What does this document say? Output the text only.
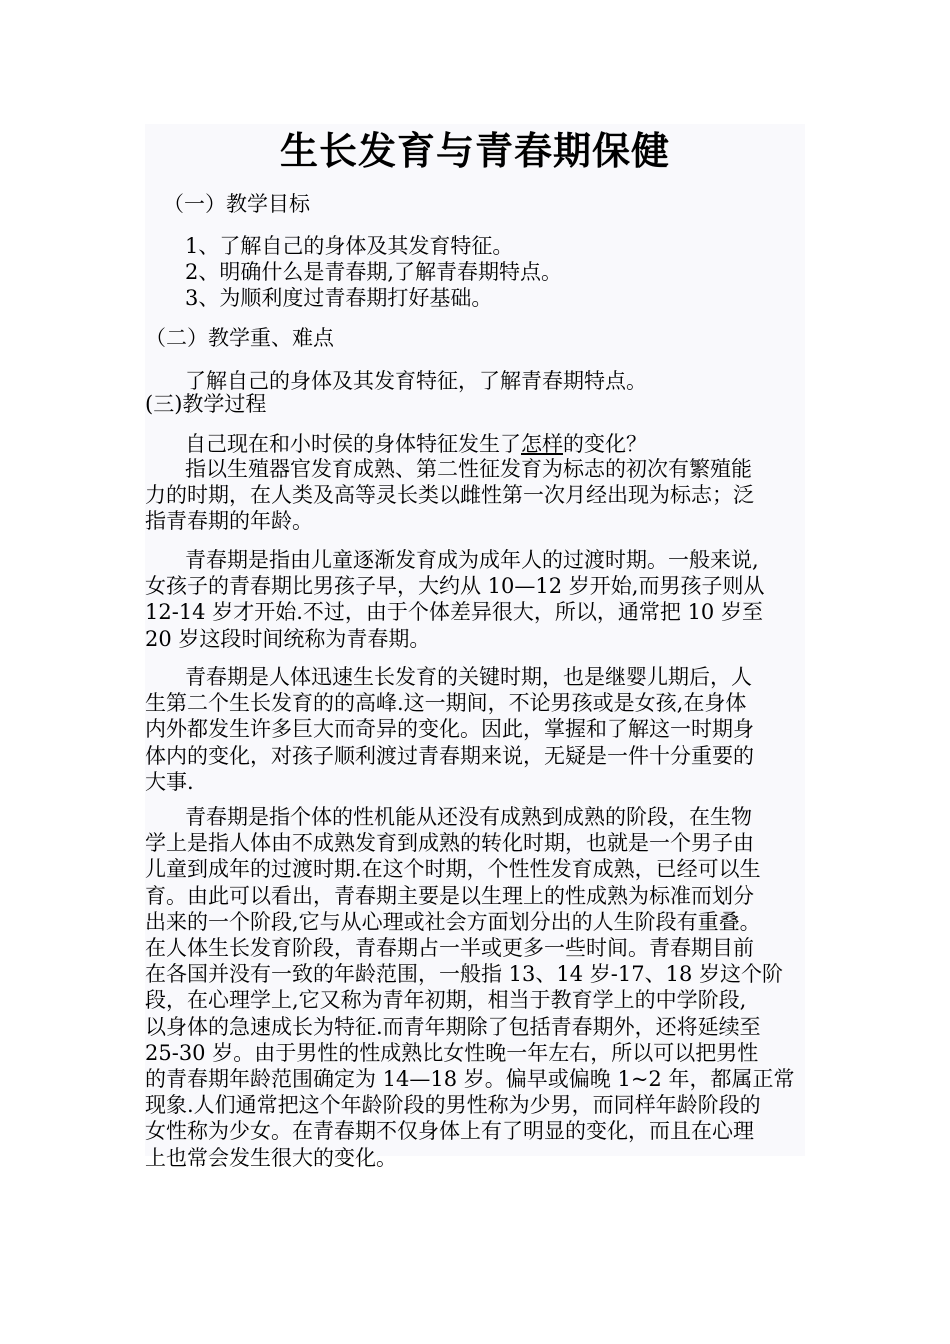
生长发育与青春期保健
（一）教学目标
1、了解自己的身体及其发育特征。
2、明确什么是青春期,了解青春期特点。
3、为顺利度过青春期打好基础。
（二）教学重、难点
了解自己的身体及其发育特征，了解青春期特点。
(三)教学过程
自己现在和小时侯的身体特征发生了怎样的变化？
指以生殖器官发育成熟、第二性征发育为标志的初次有繁殖能
力的时期，在人类及高等灵长类以雌性第一次月经出现为标志；泛
指青春期的年龄。
青春期是指由儿童逐渐发育成为成年人的过渡时期。一般来说,
女孩子的青春期比男孩子早，大约从 10—12 岁开始,而男孩子则从
12-14 岁才开始.不过，由于个体差异很大，所以，通常把 10 岁至
20 岁这段时间统称为青春期。
青春期是人体迅速生长发育的关键时期，也是继婴儿期后，人
生第二个生长发育的的高峰.这一期间，不论男孩或是女孩,在身体
内外都发生许多巨大而奇异的变化。因此，掌握和了解这一时期身
体内的变化，对孩子顺利渡过青春期来说，无疑是一件十分重要的
大事.
青春期是指个体的性机能从还没有成熟到成熟的阶段，在生物
学上是指人体由不成熟发育到成熟的转化时期，也就是一个男子由
儿童到成年的过渡时期.在这个时期，个性性发育成熟，已经可以生
育。由此可以看出，青春期主要是以生理上的性成熟为标准而划分
出来的一个阶段,它与从心理或社会方面划分出的人生阶段有重叠。
在人体生长发育阶段，青春期占一半或更多一些时间。青春期目前
在各国并没有一致的年龄范围，一般指 13、14 岁-17、18 岁这个阶
段，在心理学上,它又称为青年初期，相当于教育学上的中学阶段,
以身体的急速成长为特征.而青年期除了包括青春期外，还将延续至
25-30 岁。由于男性的性成熟比女性晚一年左右，所以可以把男性
的青春期年龄范围确定为 14—18 岁。偏早或偏晚 1~2 年，都属正常
现象.人们通常把这个年龄阶段的男性称为少男，而同样年龄阶段的
女性称为少女。在青春期不仅身体上有了明显的变化，而且在心理
上也常会发生很大的变化。
